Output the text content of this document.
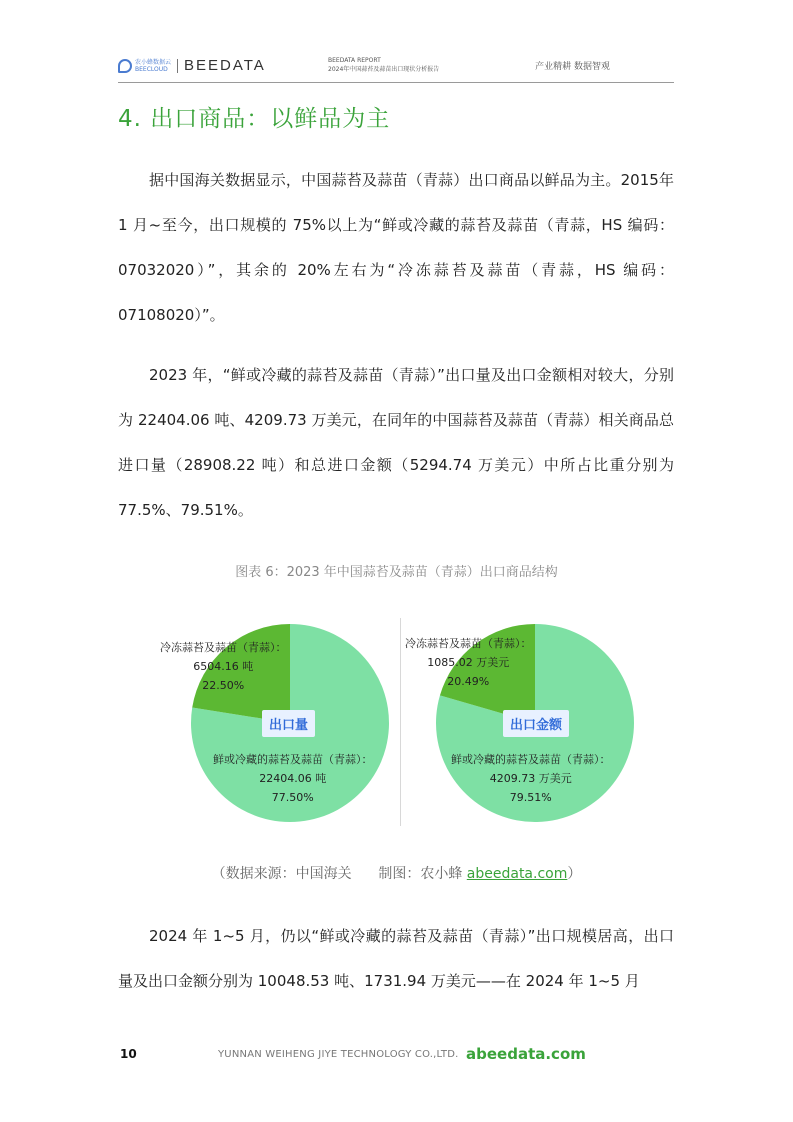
农小蜂数据云
BEECLOUD BEEDATA	BEEDATA REPORT
2024年中国蒜苔及蒜苗出口现状分析报告	产业精耕 数据智观
4. 出口商品：以鲜品为主
据中国海关数据显示，中国蒜苔及蒜苗（青蒜）出口商品以鲜品为主。2015年 1 月~至今，出口规模的 75%以上为“鲜或冷藏的蒜苔及蒜苗（青蒜，HS 编码：07032020）”，其余的 20%左右为“冷冻蒜苔及蒜苗（青蒜，HS 编码：07108020）”。
2023 年，“鲜或冷藏的蒜苔及蒜苗（青蒜）”出口量及出口金额相对较大，分别为 22404.06 吨、4209.73 万美元，在同年的中国蒜苔及蒜苗（青蒜）相关商品总进口量（28908.22 吨）和总进口金额（5294.74 万美元）中所占比重分别为 77.5%、79.51%。
图表 6：2023 年中国蒜苔及蒜苗（青蒜）出口商品结构
冷冻蒜苔及蒜苗（青蒜）：
6504.16 吨
22.50%
出口量
鲜或冷藏的蒜苔及蒜苗（青蒜）：
22404.06 吨
77.50%
冷冻蒜苔及蒜苗（青蒜）：
1085.02 万美元
20.49%
出口金额
鲜或冷藏的蒜苔及蒜苗（青蒜）：
4209.73 万美元
79.51%
（数据来源：中国海关 制图：农小蜂 abeedata.com）
2024 年 1~5 月，仍以“鲜或冷藏的蒜苔及蒜苗（青蒜）”出口规模居高，出口量及出口金额分别为 10048.53 吨、1731.94 万美元——在 2024 年 1~5 月
10	YUNNAN WEIHENG JIYE TECHNOLOGY CO.,LTD. abeedata.com
